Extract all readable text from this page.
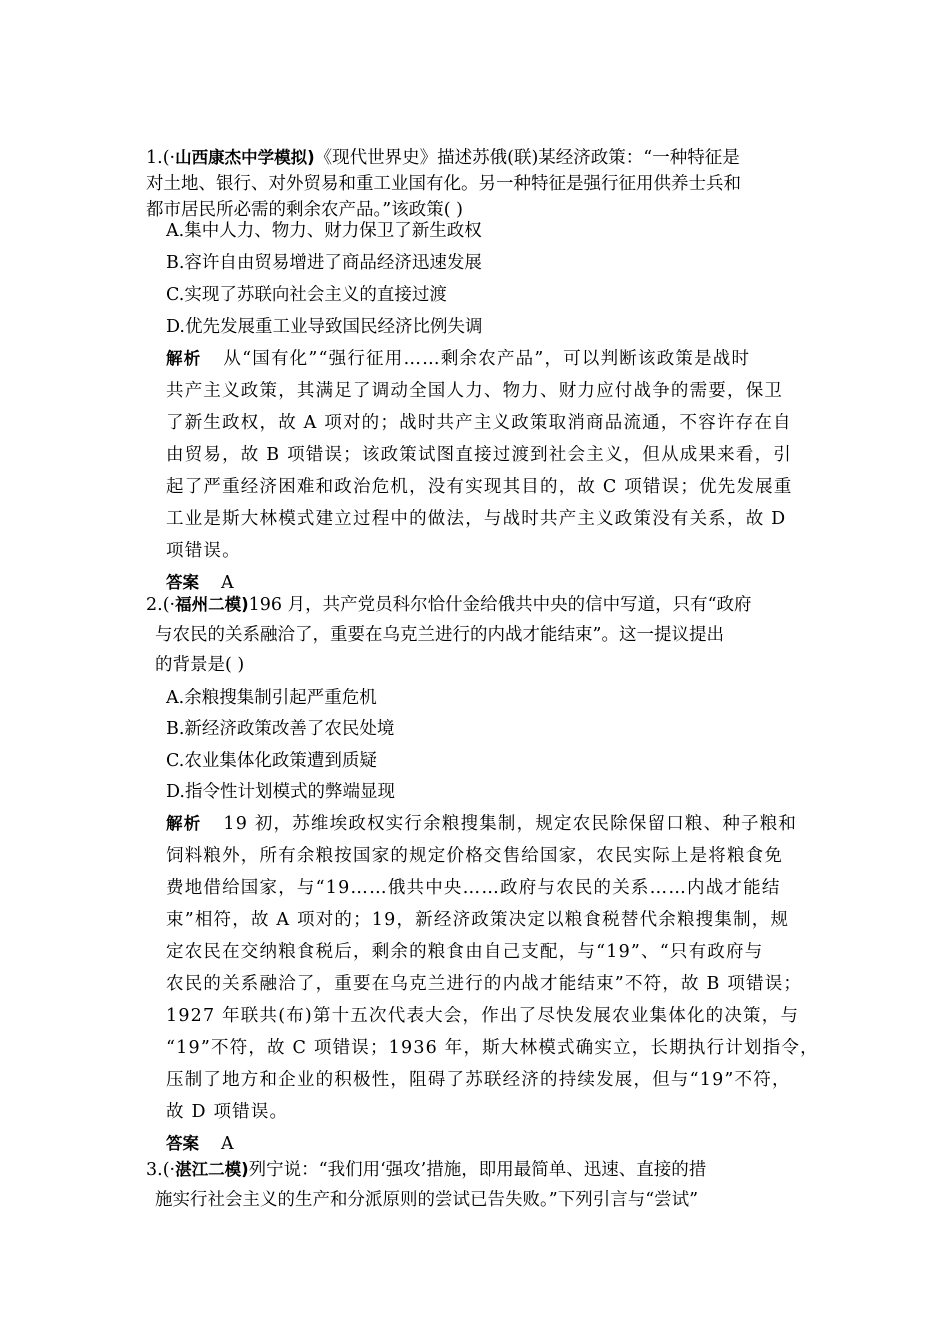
1.(·山西康杰中学模拟)《现代世界史》描述苏俄(联)某经济政策：“一种特征是
对土地、银行、对外贸易和重工业国有化。另一种特征是强行征用供养士兵和
都市居民所必需的剩余农产品。”该政策( )
A.集中人力、物力、财力保卫了新生政权
B.容许自由贸易增进了商品经济迅速发展
C.实现了苏联向社会主义的直接过渡
D.优先发展重工业导致国民经济比例失调
解析 从“国有化”“强行征用……剩余农产品”，可以判断该政策是战时
共产主义政策，其满足了调动全国人力、物力、财力应付战争的需要，保卫
了新生政权，故 A 项对的；战时共产主义政策取消商品流通，不容许存在自
由贸易，故 B 项错误；该政策试图直接过渡到社会主义，但从成果来看，引
起了严重经济困难和政治危机，没有实现其目的，故 C 项错误；优先发展重
工业是斯大林模式建立过程中的做法，与战时共产主义政策没有关系，故 D
项错误。
答案 A
2.(·福州二模)196 月，共产党员科尔恰什金给俄共中央的信中写道，只有“政府
与农民的关系融洽了，重要在乌克兰进行的内战才能结束”。这一提议提出
的背景是( )
A.余粮搜集制引起严重危机
B.新经济政策改善了农民处境
C.农业集体化政策遭到质疑
D.指令性计划模式的弊端显现
解析 19 初，苏维埃政权实行余粮搜集制，规定农民除保留口粮、种子粮和
饲料粮外，所有余粮按国家的规定价格交售给国家，农民实际上是将粮食免
费地借给国家，与“19……俄共中央……政府与农民的关系……内战才能结
束”相符，故 A 项对的；19，新经济政策决定以粮食税替代余粮搜集制，规
定农民在交纳粮食税后，剩余的粮食由自己支配，与“19”、“只有政府与
农民的关系融洽了，重要在乌克兰进行的内战才能结束”不符，故 B 项错误；
1927 年联共(布)第十五次代表大会，作出了尽快发展农业集体化的决策，与
“19”不符，故 C 项错误；1936 年，斯大林模式确实立，长期执行计划指令，
压制了地方和企业的积极性，阻碍了苏联经济的持续发展，但与“19”不符，
故 D 项错误。
答案 A
3.(·湛江二模)列宁说：“我们用‘强攻’措施，即用最简单、迅速、直接的措
施实行社会主义的生产和分派原则的尝试已告失败。”下列引言与“尝试”
